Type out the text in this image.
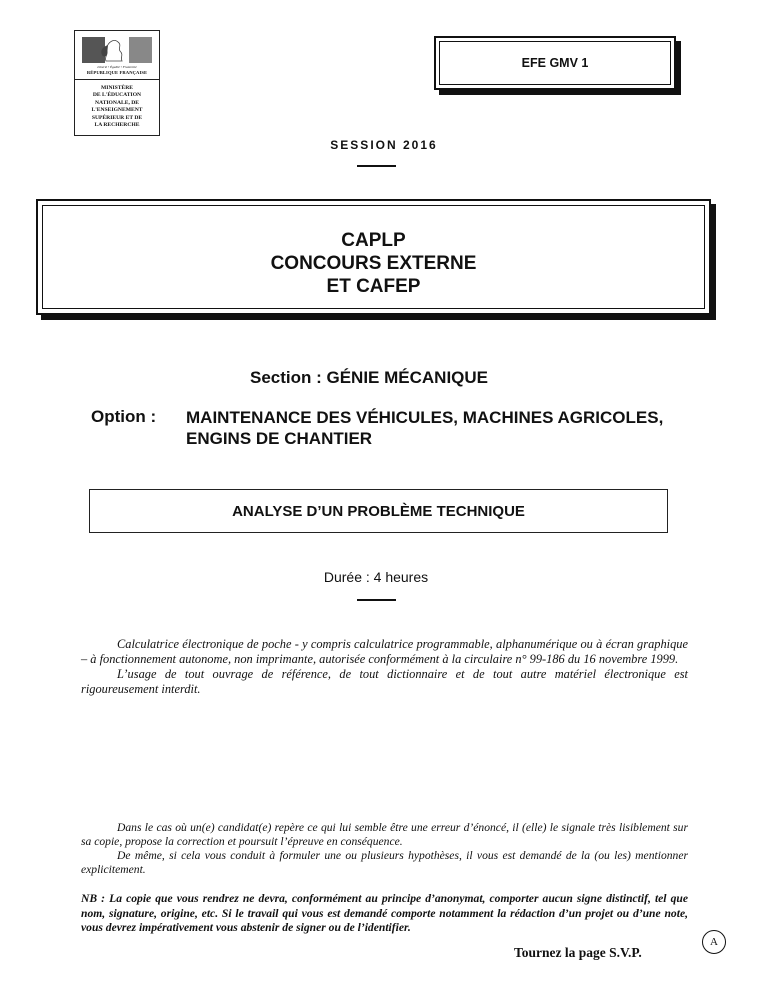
Liberté • Égalité • Fraternité
RÉPUBLIQUE FRANÇAISE
MINISTÈRE
DE L'ÉDUCATION
NATIONALE, DE
L'ENSEIGNEMENT
SUPÉRIEUR ET DE
LA RECHERCHE
EFE GMV 1
SESSION 2016
CAPLP
CONCOURS EXTERNE
ET CAFEP
Section : GÉNIE MÉCANIQUE
Option : MAINTENANCE DES VÉHICULES, MACHINES AGRICOLES,
ENGINS DE CHANTIER
ANALYSE D’UN PROBLÈME TECHNIQUE
Durée : 4 heures

Calculatrice électronique de poche - y compris calculatrice programmable, alphanumérique ou à écran graphique – à fonctionnement autonome, non imprimante, autorisée conformément à la circulaire n° 99-186 du 16 novembre 1999.

L’usage de tout ouvrage de référence, de tout dictionnaire et de tout autre matériel électronique est rigoureusement interdit.

Dans le cas où un(e) candidat(e) repère ce qui lui semble être une erreur d’énoncé, il (elle) le signale très lisiblement sur sa copie, propose la correction et poursuit l’épreuve en conséquence.

De même, si cela vous conduit à formuler une ou plusieurs hypothèses, il vous est demandé de la (ou les) mentionner explicitement.

NB : La copie que vous rendrez ne devra, conformément au principe d’anonymat, comporter aucun signe distinctif, tel que nom, signature, origine, etc. Si le travail qui vous est demandé comporte notamment la rédaction d’un projet ou d’une note, vous devrez impérativement vous abstenir de signer ou de l’identifier.
Tournez la page S.V.P.
A
